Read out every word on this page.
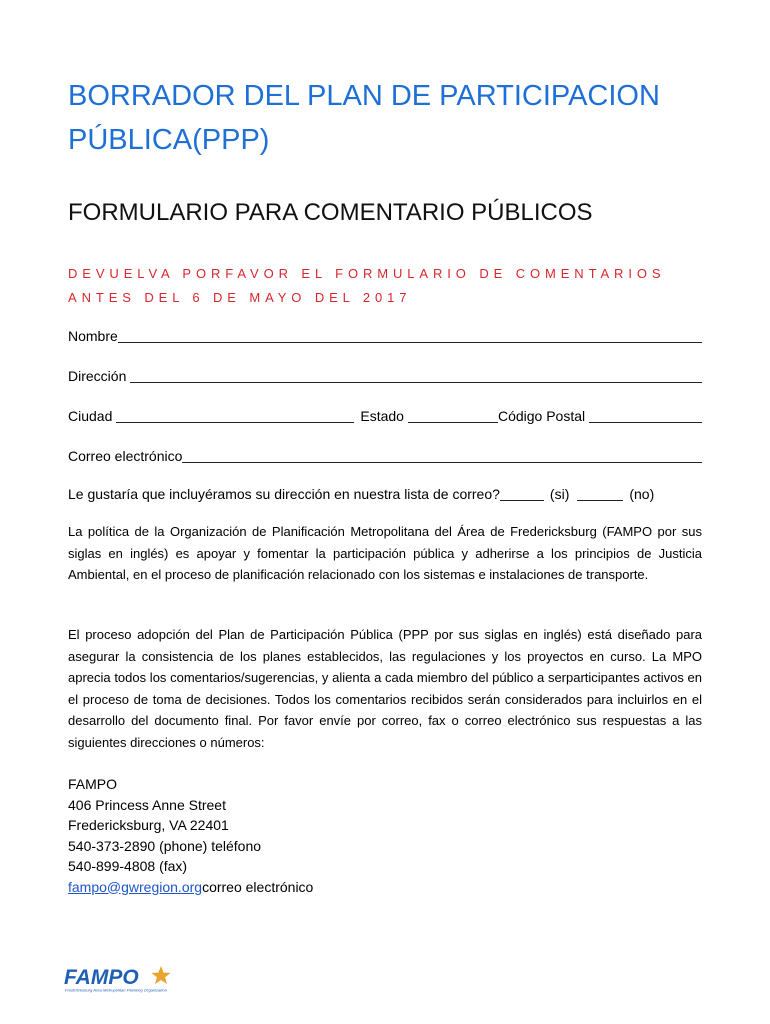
BORRADOR DEL PLAN DE PARTICIPACION PÚBLICA(PPP)
FORMULARIO PARA COMENTARIO PÚBLICOS
DEVUELVA PORFAVOR EL FORMULARIO DE COMENTARIOS ANTES DEL 6 DE MAYO DEL 2017
Nombre
Dirección
Ciudad	Estado	Código Postal
Correo electrónico
Le gustaría que incluyéramos su dirección en nuestra lista de correo?	(si)	(no)

La política de la Organización de Planificación Metropolitana del Área de Fredericksburg (FAMPO por sus siglas en inglés) es apoyar y fomentar la participación pública y adherirse a los principios de Justicia Ambiental, en el proceso de planificación relacionado con los sistemas e instalaciones de transporte.

El proceso adopción del Plan de Participación Pública (PPP por sus siglas en inglés) está diseñado para asegurar la consistencia de los planes establecidos, las regulaciones y los proyectos en curso. La MPO aprecia todos los comentarios/sugerencias, y alienta a cada miembro del público a serparticipantes activos en el proceso de toma de decisiones. Todos los comentarios recibidos serán considerados para incluirlos en el desarrollo del documento final. Por favor envíe por correo, fax o correo electrónico sus respuestas a las siguientes direcciones o números:

FAMPO
406 Princess Anne Street
Fredericksburg, VA 22401
540-373-2890 (phone) teléfono
540-899-4808 (fax)
fampo@gwregion.orgcorreo electrónico
FAMPO
Fredericksburg Area Metropolitan Planning Organization
